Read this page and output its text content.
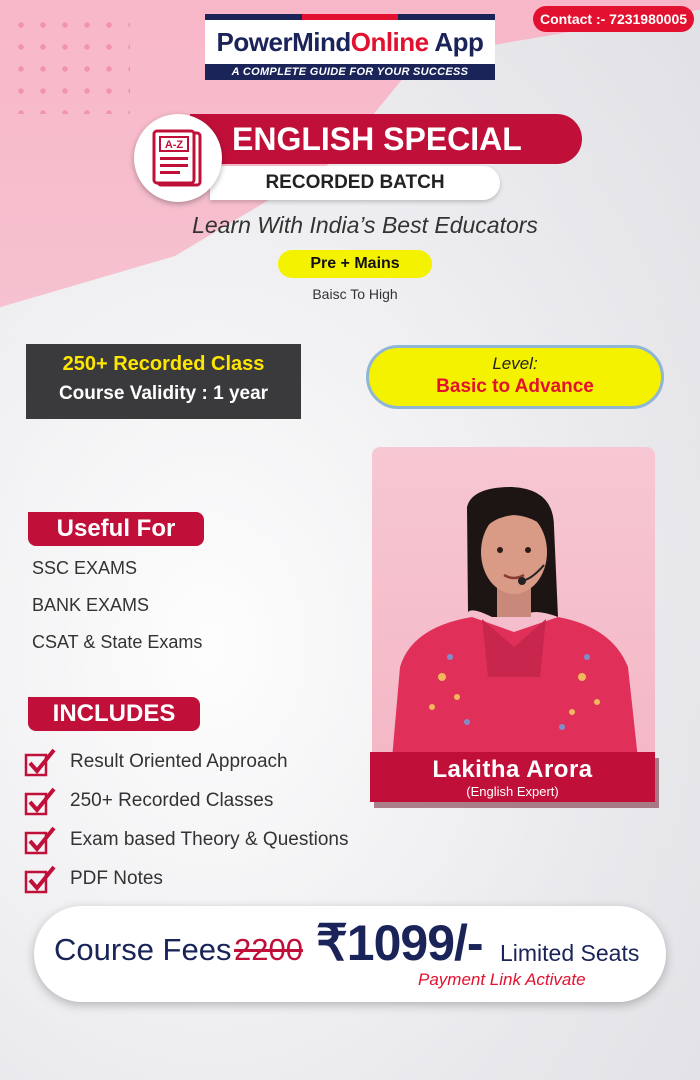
PowerMind Online App
A COMPLETE GUIDE FOR YOUR SUCCESS
Contact :- 7231980005
ENGLISH SPECIAL
RECORDED BATCH
A-Z
Learn With India’s Best Educators
Pre + Mains
Baisc To High
250+ Recorded Class
Course Validity : 1 year
Level:
Basic to Advance
Lakitha Arora
(English Expert)
Useful For
SSC EXAMS
BANK EXAMS
CSAT & State Exams
INCLUDES
Result Oriented Approach
250+ Recorded Classes
Exam based Theory & Questions
PDF Notes
Course Fees 2200 ₹1099/- Limited Seats
Payment Link Activate
